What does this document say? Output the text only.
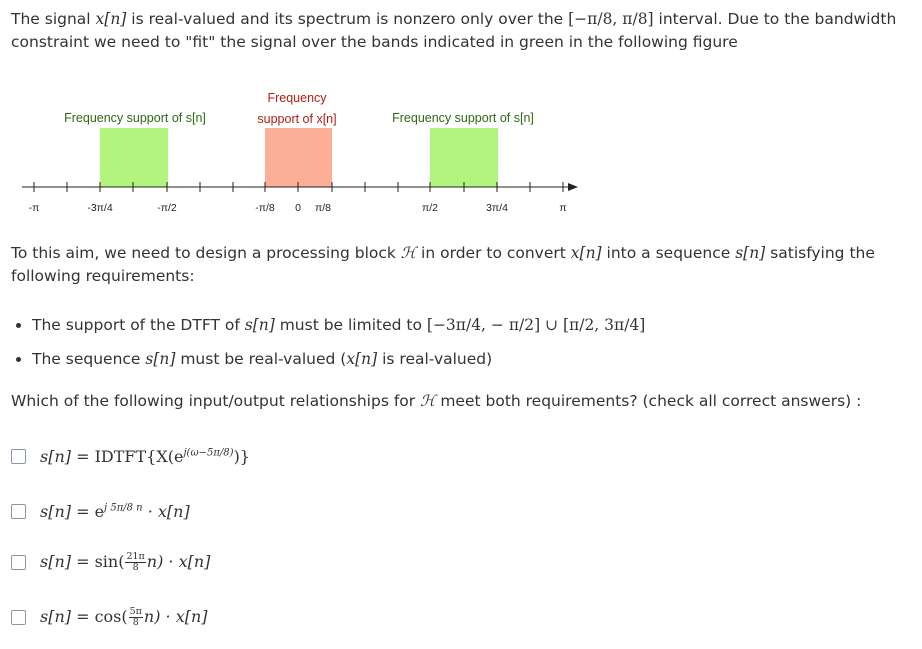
The signal x[n] is real-valued and its spectrum is nonzero only over the [−π/8, π/8] interval. Due to the bandwidth constraint we need to "fit" the signal over the bands indicated in green in the following figure
Frequency support of s[n]
Frequency
support of x[n]	Frequency support of s[n]
-π	-3π/4	-π/2	-π/8 0 π/8	π/2	3π/4	π
To this aim, we need to design a processing block ℋ in order to convert x[n] into a sequence s[n] satisfying the following requirements:
• The support of the DTFT of s[n] must be limited to [−3π/4, − π/2] ∪ [π/2, 3π/4]
• The sequence s[n] must be real-valued (x[n] is real-valued)
Which of the following input/output relationships for ℋ meet both requirements? (check all correct answers) :
$s[n] = IDTFT\{X(e^{j(\omega-5\pi/8)})\}$
$s[n] = e^{j 5\pi/8 n} \cdot x[n]$
$s[n] = \sin( \frac{21\pi}{8} n) \cdot x[n]$
$s[n] = \cos( \frac{5\pi}{8} n) \cdot x[n]$
